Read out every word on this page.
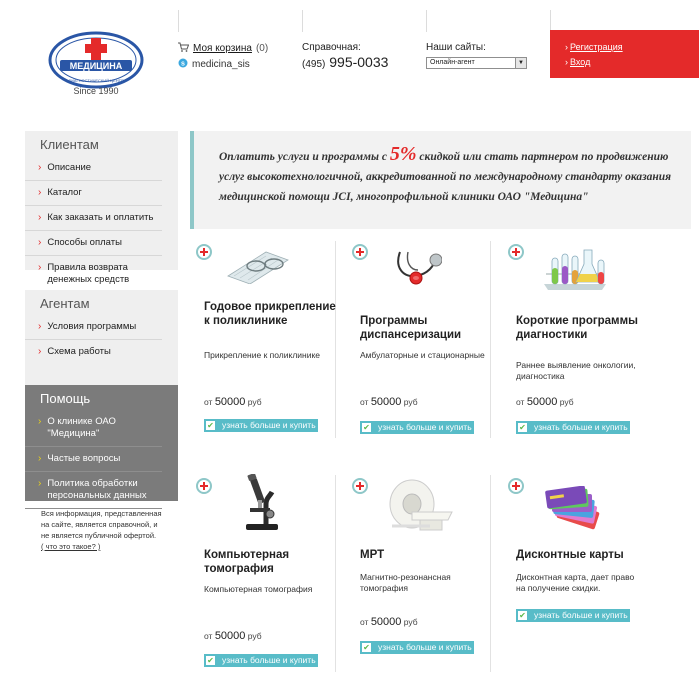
МЕДИЦИНА
ДИАГНОСТИЧЕСКИЙ ЦЕНТР
Since 1990
Моя корзина (0)
s medicina_sis
Справочная:
(495) 995-0033
Наши сайты:
Онлайн-агент	▼
› Регистрация
› Вход
Клиентам
› Описание
› Каталог
› Как заказать и оплатить
› Способы оплаты
› Правила возврата денежных средств
Агентам
› Условия программы
› Схема работы
Помощь
› О клинике ОАО "Медицина"
› Частые вопросы
› Политика обработки персональных данных
Вся информация, представленная на сайте, является справочной, и не является публичной офертой.
( что это такое? )
Оплатить услуги и программы с 5% скидкой или стать партнером по продвижению услуг высокотехнологичной, аккредитованной по международному стандарту оказания медицинской помощи JCI, многопрофильной клиники ОАО "Медицина"
Годовое прикрепление к поликлинике
Прикрепление к поликлинике
от 50000 руб
✔ узнать больше и купить
Программы диспансеризации
Амбулаторные и стационарные
от 50000 руб
✔ узнать больше и купить
Короткие программы диагностики
Раннее выявление онкологии, диагностика
от 50000 руб
✔ узнать больше и купить
Компьютерная томография
Компьютерная томография
от 50000 руб
✔ узнать больше и купить
МРТ
Магнитно-резонансная томография
от 50000 руб
✔ узнать больше и купить
Дисконтные карты
Дисконтная карта, дает право на получение скидки.
✔ узнать больше и купить
